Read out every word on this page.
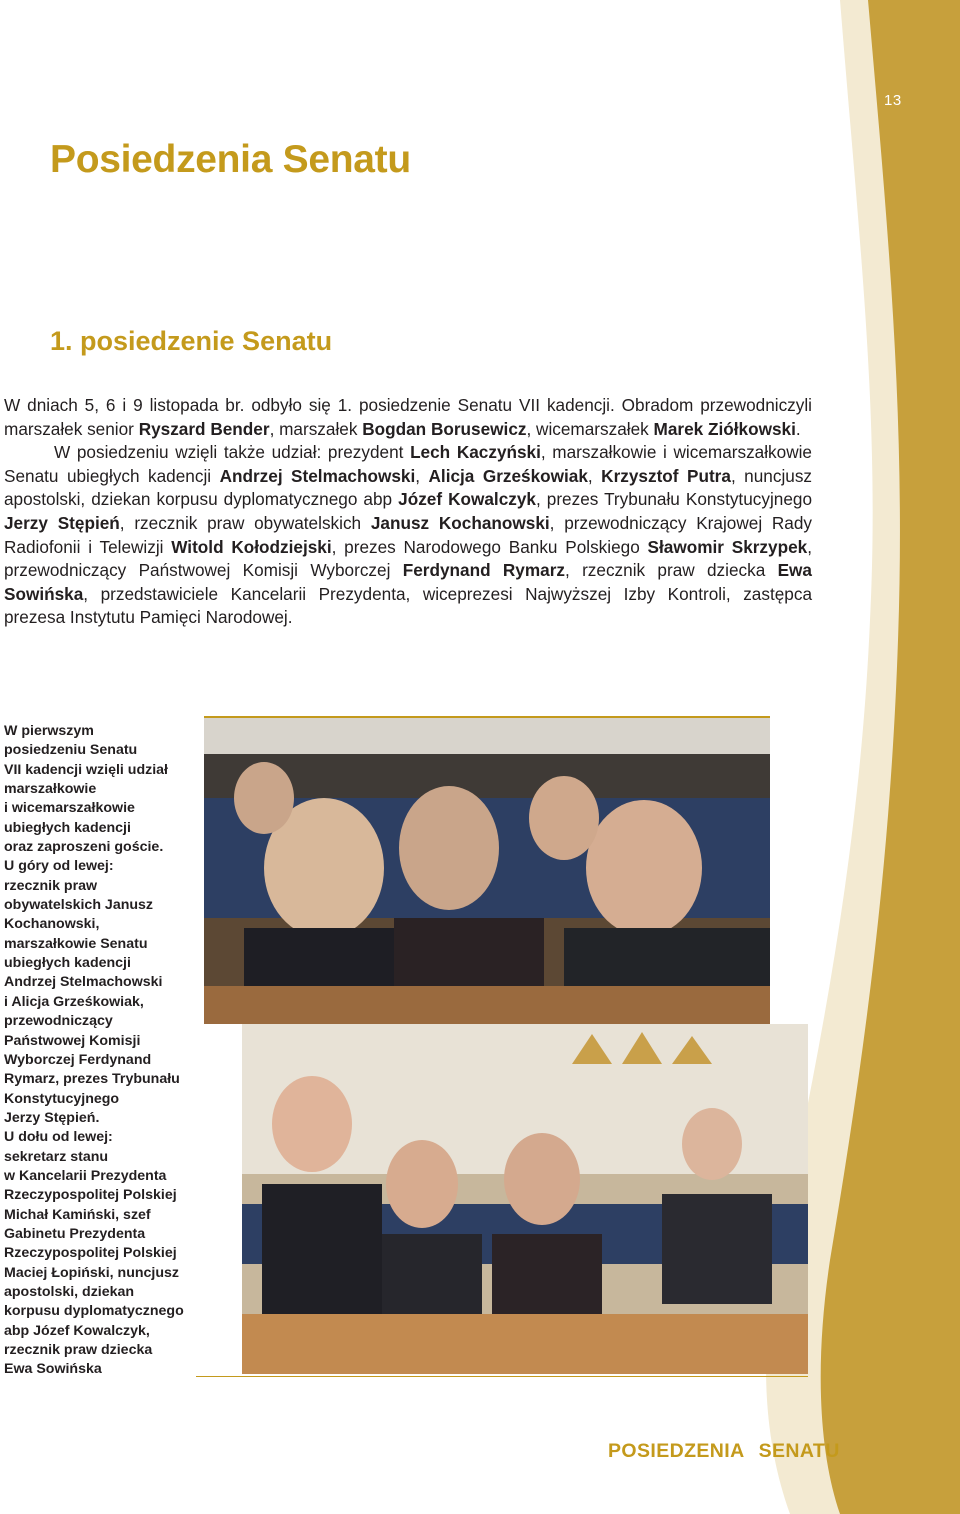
13
Posiedzenia Senatu
1. posiedzenie Senatu

W dniach 5, 6 i 9 listopada br. odbyło się 1. posiedzenie Senatu VII kadencji. Obradom przewodniczyli marszałek senior Ryszard Bender, marszałek Bogdan Borusewicz, wicemarszałek Marek Ziółkowski.

W posiedzeniu wzięli także udział: prezydent Lech Kaczyński, marszałkowie i wicemarszałkowie Senatu ubiegłych kadencji Andrzej Stelmachowski, Alicja Grześkowiak, Krzysztof Putra, nuncjusz apostolski, dziekan korpusu dyplomatycznego abp Józef Kowalczyk, prezes Trybunału Konstytucyjnego Jerzy Stępień, rzecznik praw obywatelskich Janusz Kochanowski, przewodniczący Krajowej Rady Radiofonii i Telewizji Witold Kołodziejski, prezes Narodowego Banku Polskiego Sławomir Skrzypek, przewodniczący Państwowej Komisji Wyborczej Ferdynand Rymarz, rzecznik praw dziecka Ewa Sowińska, przedstawiciele Kancelarii Prezydenta, wiceprezesi Najwyższej Izby Kontroli, zastępca prezesa Instytutu Pamięci Narodowej.

W pierwszym
posiedzeniu Senatu
VII kadencji wzięli udział
marszałkowie
i wicemarszałkowie
ubiegłych kadencji
oraz zaproszeni goście.
U góry od lewej:
rzecznik praw
obywatelskich Janusz
Kochanowski,
marszałkowie Senatu
ubiegłych kadencji
Andrzej Stelmachowski
i Alicja Grześkowiak,
przewodniczący
Państwowej Komisji
Wyborczej Ferdynand
Rymarz, prezes Trybunału
Konstytucyjnego
Jerzy Stępień.
U dołu od lewej:
sekretarz stanu
w Kancelarii Prezydenta
Rzeczypospolitej Polskiej
Michał Kamiński, szef
Gabinetu Prezydenta
Rzeczypospolitej Polskiej
Maciej Łopiński, nuncjusz
apostolski, dziekan
korpusu dyplomatycznego
abp Józef Kowalczyk,
rzecznik praw dziecka
Ewa Sowińska
POSIEDZENIA SENATU
